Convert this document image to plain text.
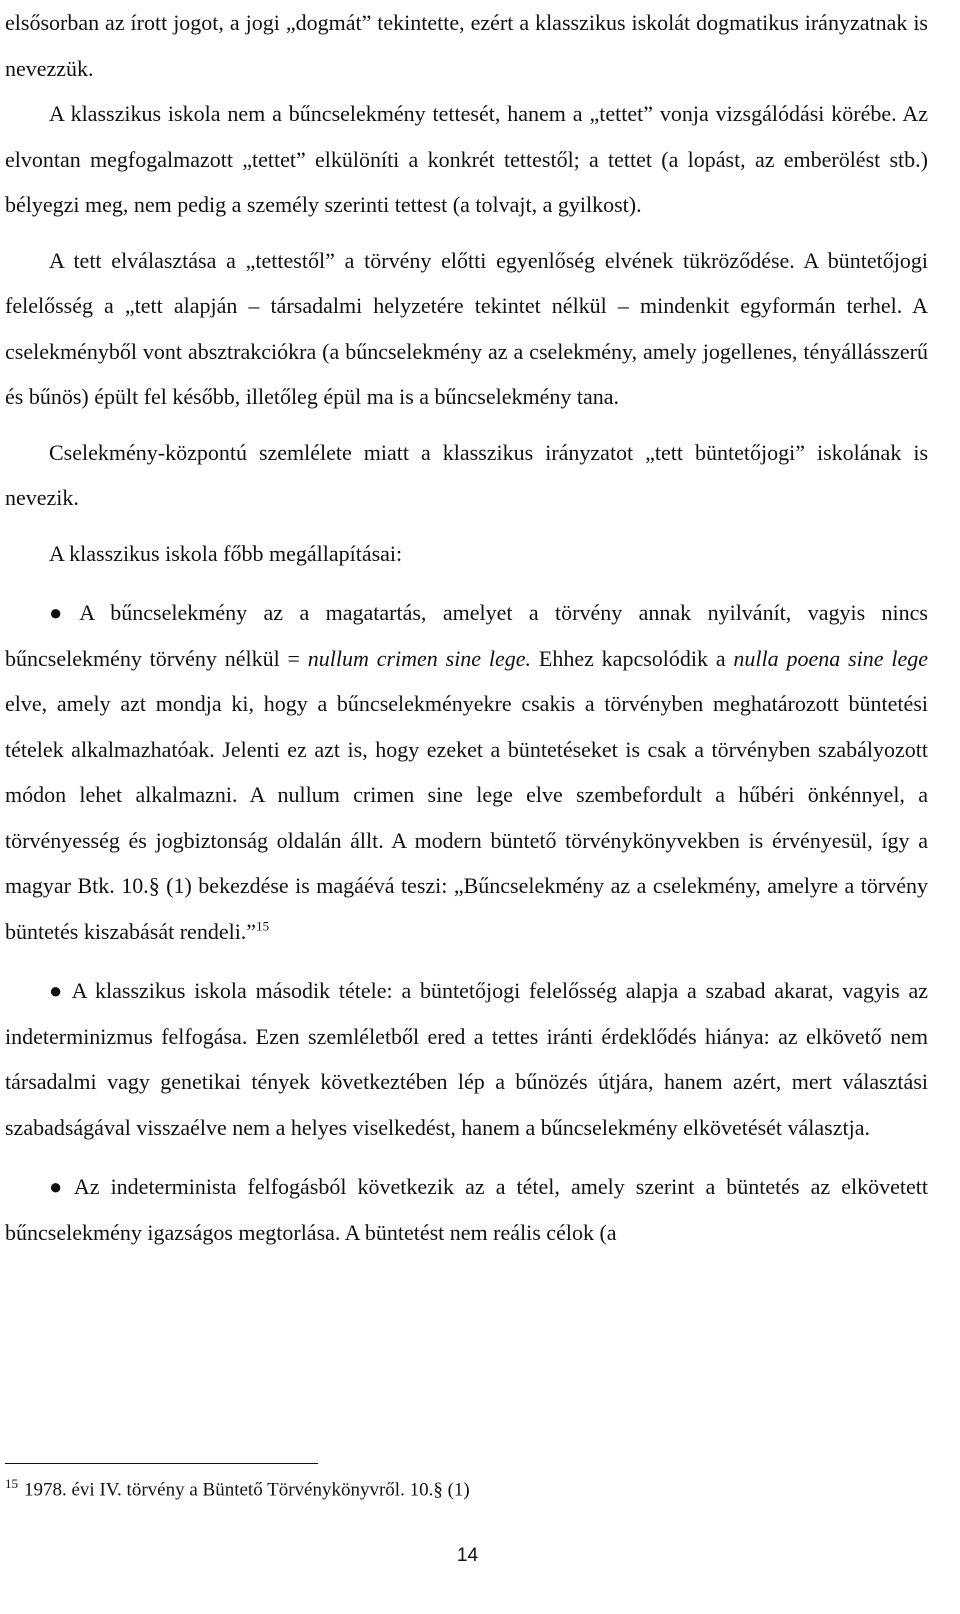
elsősorban az írott jogot, a jogi „dogmát” tekintette, ezért a klasszikus iskolát dogmatikus irányzatnak is nevezzük.

A klasszikus iskola nem a bűncselekmény tettesét, hanem a „tettet” vonja vizsgálódási körébe. Az elvontan megfogalmazott „tettet” elkülöníti a konkrét tettestől; a tettet (a lopást, az emberölést stb.) bélyegzi meg, nem pedig a személy szerinti tettest (a tolvajt, a gyilkost).

A tett elválasztása a „tettestől” a törvény előtti egyenlőség elvének tükröződése. A büntetőjogi felelősség a „tett alapján – társadalmi helyzetére tekintet nélkül – mindenkit egyformán terhel. A cselekményből vont absztrakciókra (a bűncselekmény az a cselekmény, amely jogellenes, tényállásszerű és bűnös) épült fel később, illetőleg épül ma is a bűncselekmény tana.

Cselekmény-központú szemlélete miatt a klasszikus irányzatot „tett büntetőjogi” iskolának is nevezik.

A klasszikus iskola főbb megállapításai:

● A bűncselekmény az a magatartás, amelyet a törvény annak nyilvánít, vagyis nincs bűncselekmény törvény nélkül = nullum crimen sine lege. Ehhez kapcsolódik a nulla poena sine lege elve, amely azt mondja ki, hogy a bűncselekményekre csakis a törvényben meghatározott büntetési tételek alkalmazhatóak. Jelenti ez azt is, hogy ezeket a büntetéseket is csak a törvényben szabályozott módon lehet alkalmazni. A nullum crimen sine lege elve szembefordult a hűbéri önkénnyel, a törvényesség és jogbiztonság oldalán állt. A modern büntető törvénykönyvekben is érvényesül, így a magyar Btk. 10.§ (1) bekezdése is magáévá teszi: „Bűncselekmény az a cselekmény, amelyre a törvény büntetés kiszabását rendeli.”$^{15}$

● A klasszikus iskola második tétele: a büntetőjogi felelősség alapja a szabad akarat, vagyis az indeterminizmus felfogása. Ezen szemléletből ered a tettes iránti érdeklődés hiánya: az elkövető nem társadalmi vagy genetikai tények következtében lép a bűnözés útjára, hanem azért, mert választási szabadságával visszaélve nem a helyes viselkedést, hanem a bűncselekmény elkövetését választja.

● Az indeterminista felfogásból következik az a tétel, amely szerint a büntetés az elkövetett bűncselekmény igazságos megtorlása. A büntetést nem reális célok (a

$^{15}$ 1978. évi IV. törvény a Büntető Törvénykönyvről. 10.§ (1)
14
